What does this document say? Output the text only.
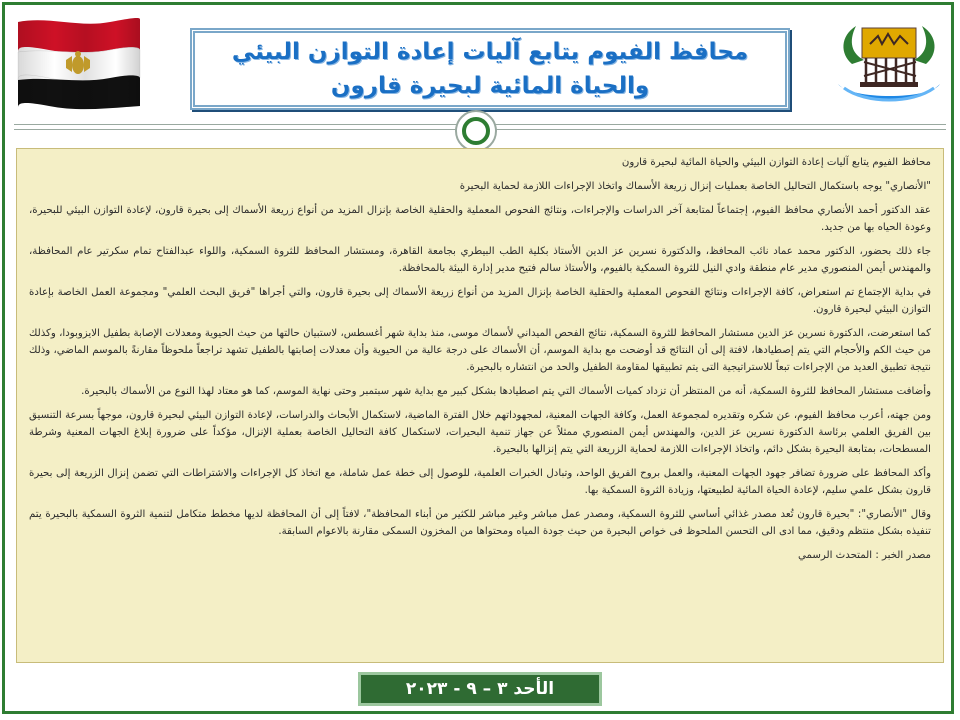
محافظ الفيوم يتابع آليات إعادة التوازن البيئي والحياة المائية لبحيرة قارون

محافظ الفيوم يتابع آليات إعادة التوازن البيئي والحياة المائية لبحيرة قارون

"الأنصاري" يوجه باستكمال التحاليل الخاصة بعمليات إنزال زريعة الأسماك واتخاذ الإجراءات اللازمة لحماية البحيرة

عقد الدكتور أحمد الأنصاري محافظ الفيوم، إجتماعاً لمتابعة آخر الدراسات والإجراءات، ونتائج الفحوص المعملية والحقلية الخاصة بإنزال المزيد من أنواع زريعة الأسماك إلى بحيرة قارون، لإعادة التوازن البيئي للبحيرة، وعودة الحياه بها من جديد.

جاء ذلك بحضور، الدكتور محمد عماد نائب المحافظ، والدكتورة نسرين عز الدين الأستاذ بكلية الطب البيطري بجامعة القاهرة، ومستشار المحافظ للثروة السمكية، واللواء عبدالفتاح تمام سكرتير عام المحافظة، والمهندس أيمن المنصوري مدير عام منطقة وادي النيل للثروة السمكية بالفيوم، والأستاذ سالم فتيح مدير إدارة البيئة بالمحافظة.

في بداية الإجتماع تم استعراض، كافة الإجراءات ونتائج الفحوص المعملية والحقلية الخاصة بإنزال المزيد من أنواع زريعة الأسماك إلى بحيرة قارون، والتي أجراها "فريق البحث العلمي" ومجموعة العمل الخاصة بإعادة التوازن البيئي لبحيرة قارون.

كما استعرضت، الدكتورة نسرين عز الدين مستشار المحافظ للثروة السمكية، نتائج الفحص الميداني لأسماك موسى، منذ بداية شهر أغسطس، لاستبيان حالتها من حيث الحيوية ومعدلات الإصابة بطفيل الايزوبودا، وكذلك من حيث الكم والأحجام التي يتم إصطيادها، لافتة إلى أن النتائج قد أوضحت مع بداية الموسم، أن الأسماك على درجة عالية من الحيوية وأن معدلات إصابتها بالطفيل تشهد تراجعاً ملحوظاً مقارنةً بالموسم الماضي، وذلك نتيجة تطبيق العديد من الإجراءات تبعاً للاستراتيجية التى يتم تطبيقها لمقاومة الطفيل والحد من انتشاره بالبحيرة.

وأضافت مستشار المحافظ للثروة السمكية، أنه من المنتظر أن تزداد كميات الأسماك التي يتم اصطيادها بشكل كبير مع بداية شهر سبتمبر وحتى نهاية الموسم، كما هو معتاد لهذا النوع من الأسماك بالبحيرة.

ومن جهته، أعرب محافظ الفيوم، عن شكره وتقديره لمجموعة العمل، وكافة الجهات المعنية، لمجهوداتهم خلال الفترة الماضية، لاستكمال الأبحاث والدراسات، لإعادة التوازن البيئي لبحيرة قارون، موجهاً بسرعة التنسيق بين الفريق العلمي برئاسة الدكتورة نسرين عز الدين، والمهندس أيمن المنصوري ممثلاً عن جهاز تنمية البحيرات، لاستكمال كافة التحاليل الخاصة بعملية الإنزال، مؤكداً على ضرورة إبلاغ الجهات المعنية وشرطة المسطحات، بمتابعة البحيرة بشكل دائم، واتخاذ الإجراءات اللازمة لحماية الزريعة التي يتم إنزالها بالبحيرة.

وأكد المحافظ على ضرورة تضافر جهود الجهات المعنية، والعمل بروح الفريق الواحد، وتبادل الخبرات العلمية، للوصول إلى خطة عمل شاملة، مع اتخاذ كل الإجراءات والاشتراطات التي تضمن إنزال الزريعة إلى بحيرة قارون بشكل علمي سليم، لإعادة الحياة المائية لطبيعتها، وزيادة الثروة السمكية بها.

وقال "الأنصاري": "بحيرة قارون تُعد مصدر غذائي أساسي للثروة السمكية، ومصدر عمل مباشر وغير مباشر للكثير من أبناء المحافظة"، لافتاً إلى أن المحافظة لديها مخطط متكامل لتنمية الثروة السمكية بالبحيرة يتم تنفيذه بشكل منتظم ودقيق، مما ادى الى التحسن الملحوظ فى خواص البحيرة من حيث جودة المياه ومحتواها من المخزون السمكى مقارنة بالاعوام السابقة.

مصدر الخبر : المتحدث الرسمي

الأحد ٣ – ٩ - ٢٠٢٣
